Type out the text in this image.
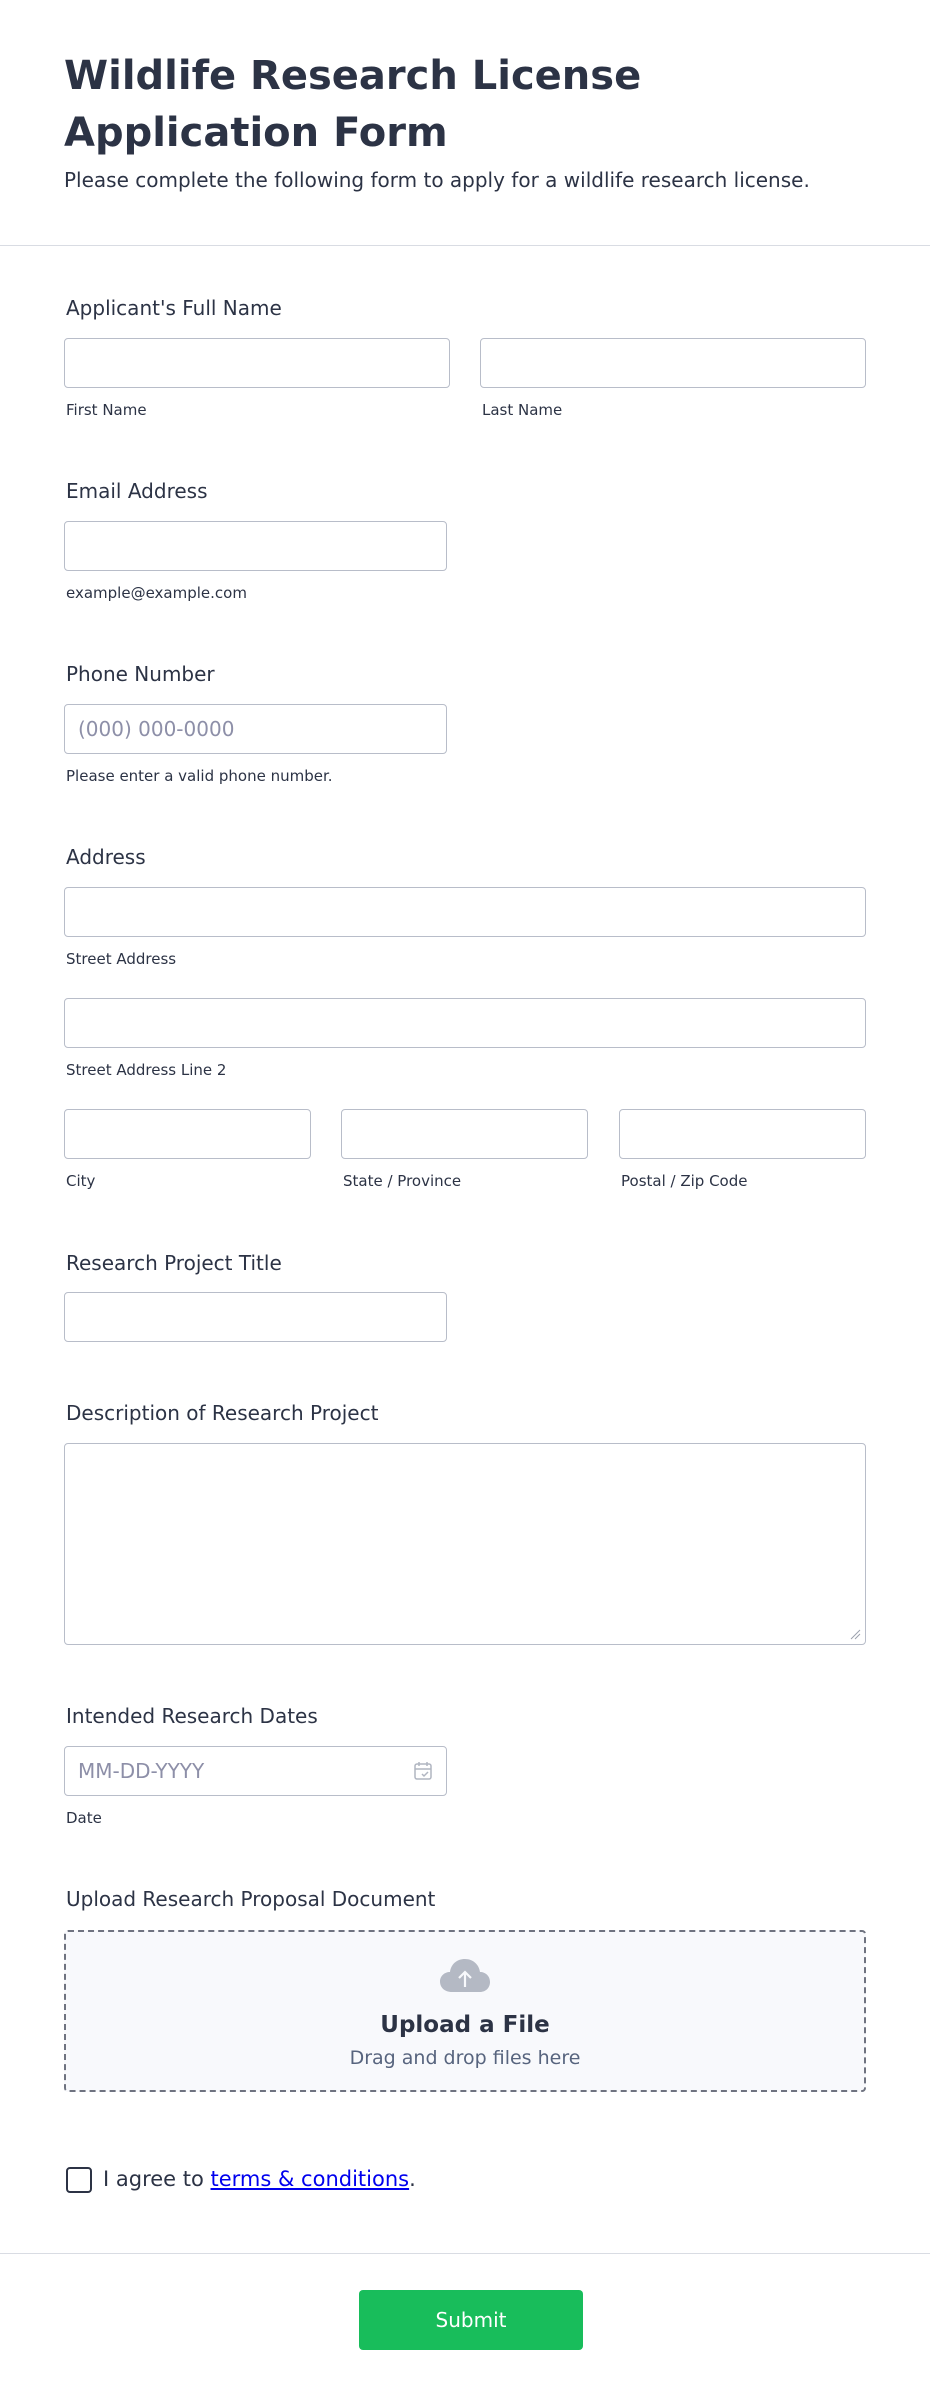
Wildlife Research License Application Form
Please complete the following form to apply for a wildlife research license.
Applicant's Full Name
First Name	Last Name
Email Address
example@example.com
Phone Number
(000) 000-0000
Please enter a valid phone number.
Address
Street Address
Street Address Line 2
City	State / Province	Postal / Zip Code
Research Project Title
Description of Research Project
Intended Research Dates
MM-DD-YYYY
Date
Upload Research Proposal Document
Upload a File
Drag and drop files here
I agree to terms & conditions.
Submit
